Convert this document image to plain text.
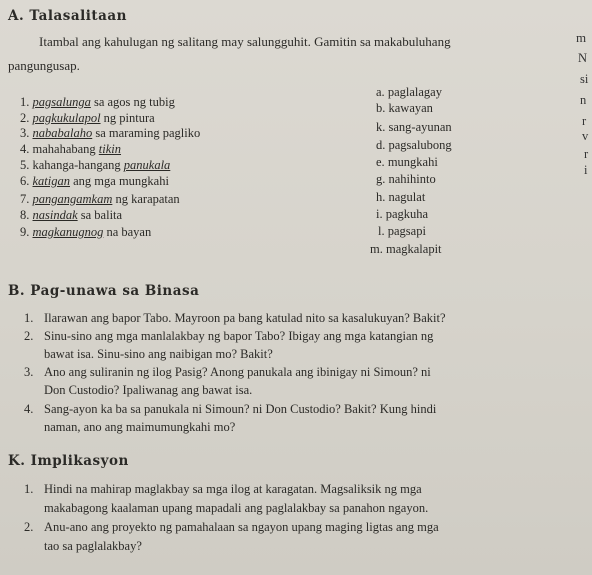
A. Talasalitaan
Itambal ang kahulugan ng salitang may salungguhit. Gamitin sa makabuluhang	m
pangungusap.	N
si
n
r
v
r
i
1. pagsalunga sa agos ng tubig
2. pagkukulapol ng pintura
3. nababalaho sa maraming pagliko
4. mahahabang tikin
5. kahanga-hangang panukala
6. katigan ang mga mungkahi
7. pangangamkam ng karapatan
8. nasindak sa balita
9. magkanugnog na bayan
a. paglalagay
b. kawayan
k. sang-ayunan
d. pagsalubong
e. mungkahi
g. nahihinto
h. nagulat
i. pagkuha
l. pagsapi
m. magkalapit
B. Pag-unawa sa Binasa
1. Ilarawan ang bapor Tabo. Mayroon pa bang katulad nito sa kasalukuyan? Bakit?
2. Sinu-sino ang mga manlalakbay ng bapor Tabo? Ibigay ang mga katangian ng
bawat isa. Sinu-sino ang naibigan mo? Bakit?
3. Ano ang suliranin ng ilog Pasig? Anong panukala ang ibinigay ni Simoun? ni
Don Custodio? Ipaliwanag ang bawat isa.
4. Sang-ayon ka ba sa panukala ni Simoun? ni Don Custodio? Bakit? Kung hindi
naman, ano ang maimumungkahi mo?
K. Implikasyon
1. Hindi na mahirap maglakbay sa mga ilog at karagatan. Magsaliksik ng mga
makabagong kaalaman upang mapadali ang paglalakbay sa panahon ngayon.
2. Anu-ano ang proyekto ng pamahalaan sa ngayon upang maging ligtas ang mga
tao sa paglalakbay?
